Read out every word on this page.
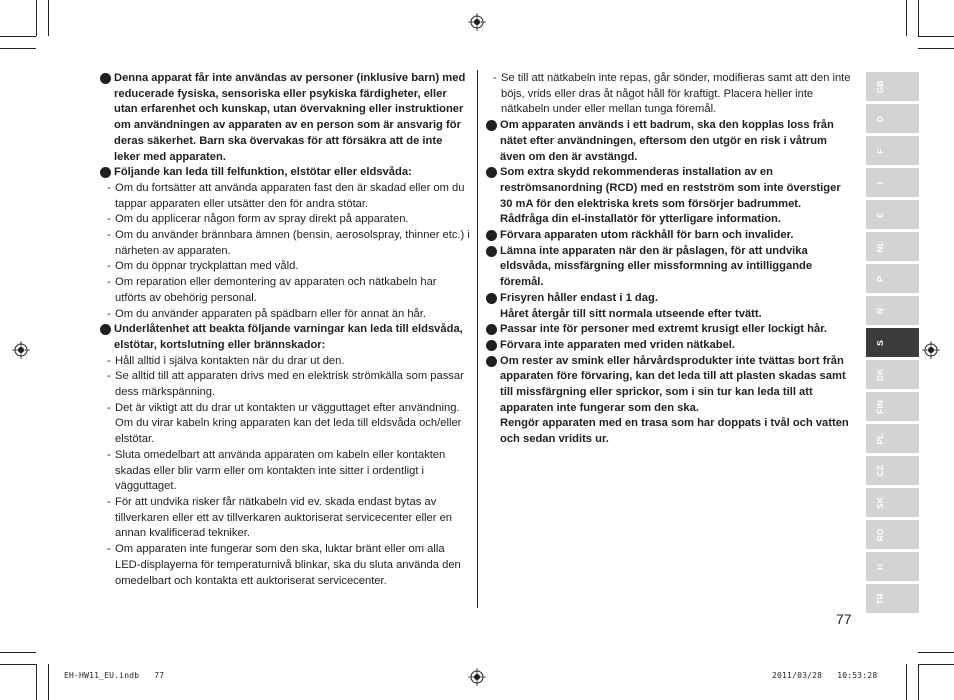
Denna apparat får inte användas av personer (inklusive barn) med reducerade fysiska, sensoriska eller psykiska färdigheter, eller utan erfarenhet och kunskap, utan övervakning eller instruktioner om användningen av apparaten av en person som är ansvarig för deras säkerhet. Barn ska övervakas för att försäkra att de inte leker med apparaten.
Följande kan leda till felfunktion, elstötar eller eldsvåda:
- Om du fortsätter att använda apparaten fast den är skadad eller om du tappar apparaten eller utsätter den för andra stötar.
- Om du applicerar någon form av spray direkt på apparaten.
- Om du använder brännbara ämnen (bensin, aerosolspray, thinner etc.) i närheten av apparaten.
- Om du öppnar tryckplattan med våld.
- Om reparation eller demontering av apparaten och nätkabeln har utförts av obehörig personal.
- Om du använder apparaten på spädbarn eller för annat än hår.
Underlåtenhet att beakta följande varningar kan leda till eldsvåda, elstötar, kortslutning eller brännskador:
- Håll alltid i själva kontakten när du drar ut den.
- Se alltid till att apparaten drivs med en elektrisk strömkälla som passar dess märkspänning.
- Det är viktigt att du drar ut kontakten ur vägguttaget efter användning. Om du virar kabeln kring apparaten kan det leda till eldsvåda och/eller elstötar.
- Sluta omedelbart att använda apparaten om kabeln eller kontakten skadas eller blir varm eller om kontakten inte sitter i ordentligt i vägguttaget.
- För att undvika risker får nätkabeln vid ev. skada endast bytas av tillverkaren eller ett av tillverkaren auktoriserat servicecenter eller en annan kvalificerad tekniker.
- Om apparaten inte fungerar som den ska, luktar bränt eller om alla LED-displayerna för temperaturnivå blinkar, ska du sluta använda den omedelbart och kontakta ett auktoriserat servicecenter.
- Se till att nätkabeln inte repas, går sönder, modifieras samt att den inte böjs, vrids eller dras åt något håll för kraftigt. Placera heller inte nätkabeln under eller mellan tunga föremål.
Om apparaten används i ett badrum, ska den kopplas loss från nätet efter användningen, eftersom den utgör en risk i våtrum även om den är avstängd.
Som extra skydd rekommenderas installation av en reströmsanordning (RCD) med en restström som inte överstiger 30 mA för den elektriska krets som försörjer badrummet. Rådfråga din el-installatör för ytterligare information.
Förvara apparaten utom räckhåll för barn och invalider.
Lämna inte apparaten när den är påslagen, för att undvika eldsvåda, missfärgning eller missformning av intilliggande föremål.
Frisyren håller endast i 1 dag.
Håret återgår till sitt normala utseende efter tvätt.
Passar inte för personer med extremt krusigt eller lockigt hår.
Förvara inte apparaten med vriden nätkabel.
Om rester av smink eller hårvårdsprodukter inte tvättas bort från apparaten före förvaring, kan det leda till att plasten skadas samt till missfärgning eller sprickor, som i sin tur kan leda till att apparaten inte fungerar som den ska.
Rengör apparaten med en trasa som har doppats i tvål och vatten och sedan vridits ur.
GB
D
F
I
E
NL
P
N
S
DK
FIN
PL
CZ
SK
RO
H
TR
77
EH-HW11_EU.indb   77	2011/03/28   10:53:28
